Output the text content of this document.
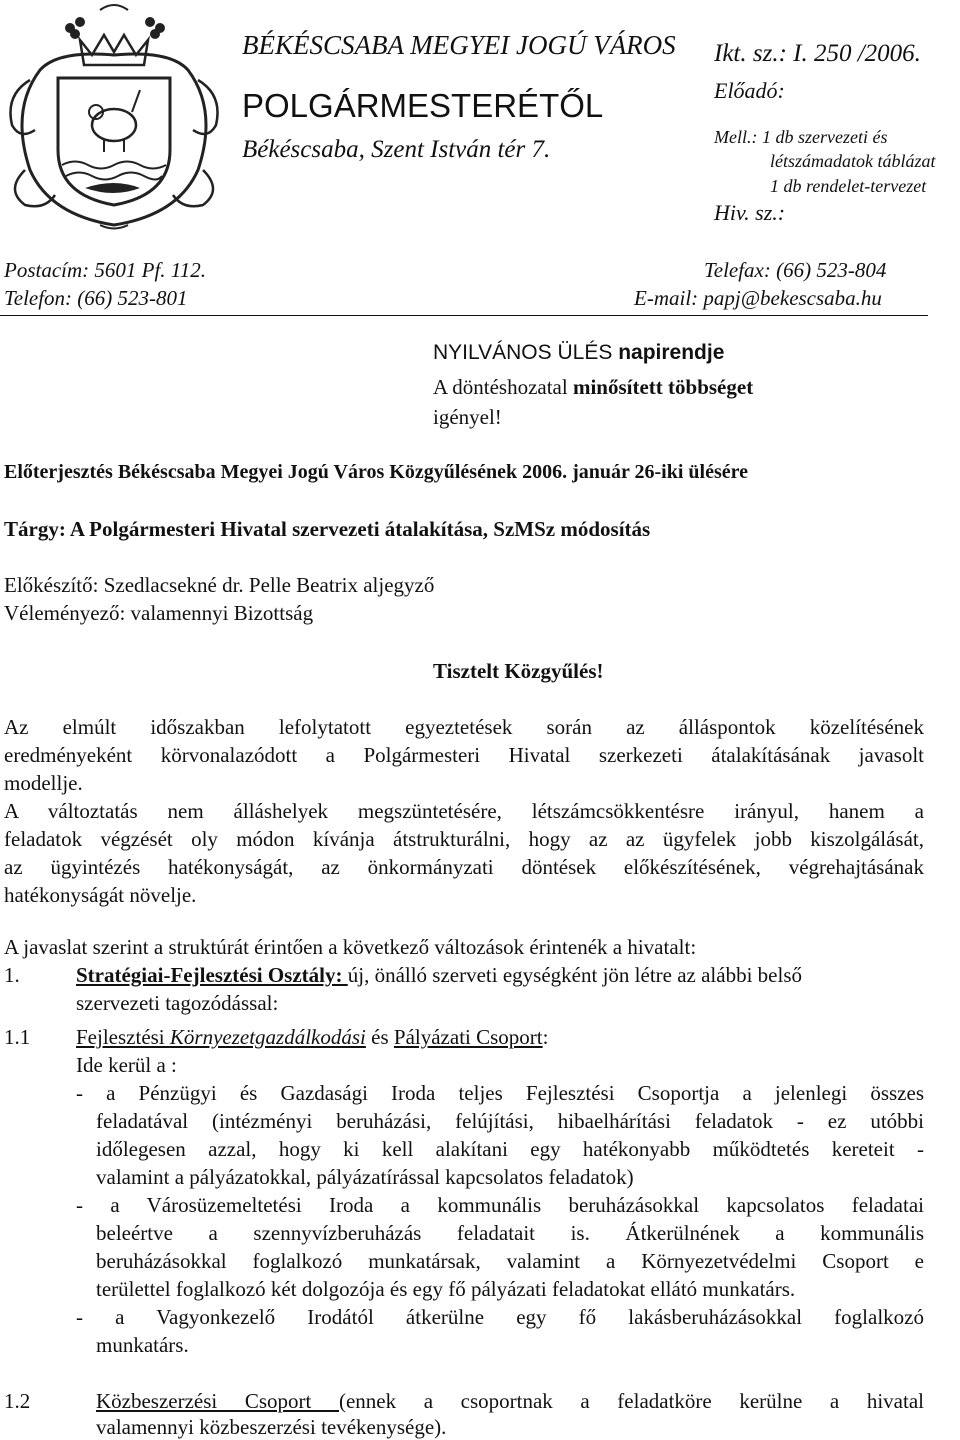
BÉKÉSCSABA MEGYEI JOGÚ VÁROS
POLGÁRMESTERÉTŐL
Békéscsaba, Szent István tér 7.
Ikt. sz.: I. 250 /2006.
Előadó:
Mell.: 1 db szervezeti és
létszámadatok táblázat
1 db rendelet-tervezet
Hiv. sz.:
Postacím: 5601 Pf. 112.
Telefon: (66) 523-801
Telefax: (66) 523-804
E-mail: papj@bekescsaba.hu
NYILVÁNOS ÜLÉS napirendje
A döntéshozatal minősített többséget
igényel!
Előterjesztés Békéscsaba Megyei Jogú Város Közgyűlésének 2006. január 26-iki ülésére
Tárgy: A Polgármesteri Hivatal szervezeti átalakítása, SzMSz módosítás
Előkészítő: Szedlacsekné dr. Pelle Beatrix aljegyző
Véleményező: valamennyi Bizottság
Tisztelt Közgyűlés!
Az elmúlt időszakban lefolytatott egyeztetések során az álláspontok közelítésének
eredményeként körvonalazódott a Polgármesteri Hivatal szerkezeti átalakításának javasolt
modellje.
A változtatás nem álláshelyek megszüntetésére, létszámcsökkentésre irányul, hanem a
feladatok végzését oly módon kívánja átstrukturálni, hogy az az ügyfelek jobb kiszolgálását,
az ügyintézés hatékonyságát, az önkormányzati döntések előkészítésének, végrehajtásának
hatékonyságát növelje.
A javaslat szerint a struktúrát érintően a következő változások érintenék a hivatalt:
1.	Stratégiai-Fejlesztési Osztály: új, önálló szerveti egységként jön létre az alábbi belső
szervezeti tagozódással:
1.1 Fejlesztési Környezetgazdálkodási és Pályázati Csoport:
Ide kerül a :
- a Pénzügyi és Gazdasági Iroda teljes Fejlesztési Csoportja a jelenlegi összes
feladatával (intézményi beruházási, felújítási, hibaelhárítási feladatok - ez utóbbi
időlegesen azzal, hogy ki kell alakítani egy hatékonyabb működtetés kereteit -
valamint a pályázatokkal, pályázatírással kapcsolatos feladatok)
- a Városüzemeltetési Iroda a kommunális beruházásokkal kapcsolatos feladatai
beleértve a szennyvízberuházás feladatait is. Átkerülnének a kommunális
beruházásokkal foglalkozó munkatársak, valamint a Környezetvédelmi Csoport e
területtel foglalkozó két dolgozója és egy fő pályázati feladatokat ellátó munkatárs.
- a Vagyonkezelő Irodától átkerülne egy fő lakásberuházásokkal foglalkozó
munkatárs.
1.2	Közbeszerzési Csoport (ennek a csoportnak a feladatköre kerülne a hivatal
valamennyi közbeszerzési tevékenysége).
